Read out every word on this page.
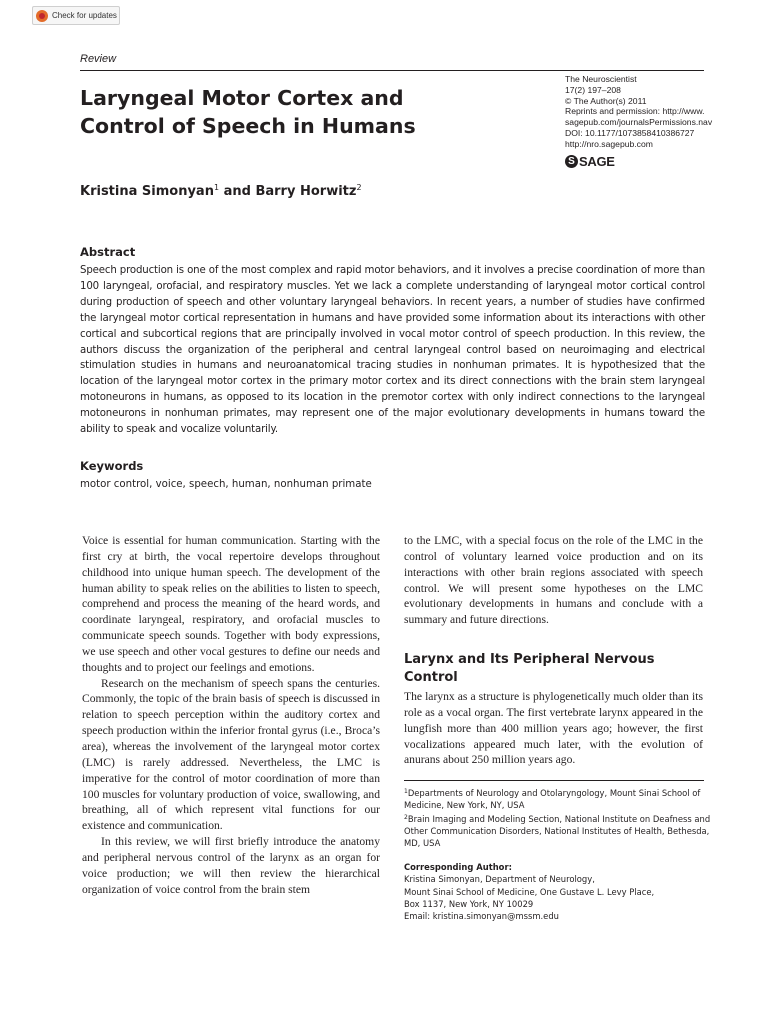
Check for updates
Review
Laryngeal Motor Cortex and Control of Speech in Humans
The Neuroscientist
17(2) 197–208
© The Author(s) 2011
Reprints and permission: http://www.
sagepub.com/journalsPermissions.nav
DOI: 10.1177/1073858410386727
http://nro.sagepub.com
S SAGE
Kristina Simonyan$^1$ and Barry Horwitz$^2$
Abstract

Speech production is one of the most complex and rapid motor behaviors, and it involves a precise coordination of more than 100 laryngeal, orofacial, and respiratory muscles. Yet we lack a complete understanding of laryngeal motor cortical control during production of speech and other voluntary laryngeal behaviors. In recent years, a number of studies have confirmed the laryngeal motor cortical representation in humans and have provided some information about its interactions with other cortical and subcortical regions that are principally involved in vocal motor control of speech production. In this review, the authors discuss the organization of the peripheral and central laryngeal control based on neuroimaging and electrical stimulation studies in humans and neuroanatomical tracing studies in nonhuman primates. It is hypothesized that the location of the laryngeal motor cortex in the primary motor cortex and its direct connections with the brain stem laryngeal motoneurons in humans, as opposed to its location in the premotor cortex with only indirect connections to the laryngeal motoneurons in nonhuman primates, may represent one of the major evolutionary developments in humans toward the ability to speak and vocalize voluntarily.

Keywords
motor control, voice, speech, human, nonhuman primate

Voice is essential for human communication. Starting with the first cry at birth, the vocal repertoire develops throughout childhood into unique human speech. The development of the human ability to speak relies on the abilities to listen to speech, comprehend and process the meaning of the heard words, and coordinate laryngeal, respiratory, and orofacial muscles to communicate speech sounds. Together with body expressions, we use speech and other vocal gestures to define our needs and thoughts and to project our feelings and emotions.

Research on the mechanism of speech spans the centuries. Commonly, the topic of the brain basis of speech is discussed in relation to speech perception within the auditory cortex and speech production within the inferior frontal gyrus (i.e., Broca’s area), whereas the involvement of the laryngeal motor cortex (LMC) is rarely addressed. Nevertheless, the LMC is imperative for the control of motor coordination of more than 100 muscles for voluntary production of voice, swallowing, and breathing, all of which represent vital functions for our existence and communication.

In this review, we will first briefly introduce the anatomy and peripheral nervous control of the larynx as an organ for voice production; we will then review the hierarchical organization of voice control from the brain stem

to the LMC, with a special focus on the role of the LMC in the control of voluntary learned voice production and on its interactions with other brain regions associated with speech control. We will present some hypotheses on the LMC evolutionary developments in humans and conclude with a summary and future directions.

Larynx and Its Peripheral Nervous Control

The larynx as a structure is phylogenetically much older than its role as a vocal organ. The first vertebrate larynx appeared in the lungfish more than 400 million years ago; however, the first vocalizations appeared much later, with the evolution of anurans about 250 million years ago.

$^1$Departments of Neurology and Otolaryngology, Mount Sinai School of Medicine, New York, NY, USA
$^2$Brain Imaging and Modeling Section, National Institute on Deafness and Other Communication Disorders, National Institutes of Health, Bethesda, MD, USA
Corresponding Author:
Kristina Simonyan, Department of Neurology,
Mount Sinai School of Medicine, One Gustave L. Levy Place,
Box 1137, New York, NY 10029
Email: kristina.simonyan@mssm.edu
